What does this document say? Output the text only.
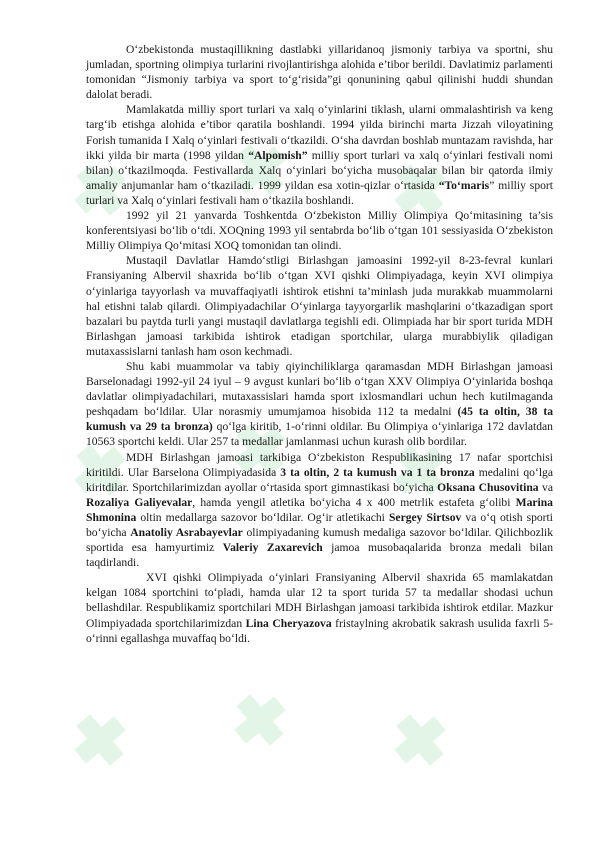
O‘zbekistonda mustaqillikning dastlabki yillaridanoq jismoniy tarbiya va sportni, shu jumladan, sportning olimpiya turlarini rivojlantirishga alohida e’tibor berildi. Davlatimiz parlamenti tomonidan “Jismoniy tarbiya va sport to‘g‘risida”gi qonunining qabul qilinishi huddi shundan dalolat beradi.

Mamlakatda milliy sport turlari va xalq o‘yinlarini tiklash, ularni ommalashtirish va keng targ‘ib etishga alohida e’tibor qaratila boshlandi. 1994 yilda birinchi marta Jizzah viloyatining Forish tumanida I Xalq o‘yinlari festivali o‘tkazildi. O‘sha davrdan boshlab muntazam ravishda, har ikki yilda bir marta (1998 yildan “Alpomish” milliy sport turlari va xalq o‘yinlari festivali nomi bilan) o‘tkazilmoqda. Festivallarda Xalq o‘yinlari bo‘yicha musobaqalar bilan bir qatorda ilmiy amaliy anjumanlar ham o‘tkaziladi. 1999 yildan esa xotin-qizlar o‘rtasida “To‘maris” milliy sport turlari va Xalq o‘yinlari festivali ham o‘tkazila boshlandi.

1992 yil 21 yanvarda Toshkentda O‘zbekiston Milliy Olimpiya Qo‘mitasining ta’sis konferentsiyasi bo‘lib o‘tdi. XOQning 1993 yil sentabrda bo‘lib o‘tgan 101 sessiyasida O‘zbekiston Milliy Olimpiya Qo‘mitasi XOQ tomonidan tan olindi.

Mustaqil Davlatlar Hamdo‘stligi Birlashgan jamoasini 1992-yil 8-23-fevral kunlari Fransiyaning Albervil shaxrida bo‘lib o‘tgan XVI qishki Olimpiyadaga, keyin XVI olimpiya o‘yinlariga tayyorlash va muvaffaqiyatli ishtirok etishni ta’minlash juda murakkab muammolarni hal etishni talab qilardi. Olimpiyadachilar O‘yinlarga tayyorgarlik mashqlarini o‘tkazadigan sport bazalari bu paytda turli yangi mustaqil davlatlarga tegishli edi. Olimpiada har bir sport turida MDH Birlashgan jamoasi tarkibida ishtirok etadigan sportchilar, ularga murabbiylik qiladigan mutaxassislarni tanlash ham oson kechmadi.

Shu kabi muammolar va tabiy qiyinchiliklarga qaramasdan MDH Birlashgan jamoasi Barselonadagi 1992-yil 24 iyul – 9 avgust kunlari bo‘lib o‘tgan XXV Olimpiya O‘yinlarida boshqa davlatlar olimpiyadachilari, mutaxassislari hamda sport ixlosmandlari uchun hech kutilmaganda peshqadam bo‘ldilar. Ular norasmiy umumjamoa hisobida 112 ta medalni (45 ta oltin, 38 ta kumush va 29 ta bronza) qo‘lga kiritib, 1-o‘rinni oldilar. Bu Olimpiya o‘yinlariga 172 davlatdan 10563 sportchi keldi. Ular 257 ta medallar jamlanmasi uchun kurash olib bordilar.

MDH Birlashgan jamoasi tarkibiga O‘zbekiston Respublikasining 17 nafar sportchisi kiritildi. Ular Barselona Olimpiyadasida 3 ta oltin, 2 ta kumush va 1 ta bronza medalini qo‘lga kiritdilar. Sportchilarimizdan ayollar o‘rtasida sport gimnastikasi bo‘yicha Oksana Chusovitina va Rozaliya Galiyevalar, hamda yengil atletika bo‘yicha 4 x 400 metrlik estafeta g‘olibi Marina Shmonina oltin medallarga sazovor bo‘ldilar. Og‘ir atletikachi Sergey Sirtsov va o‘q otish sporti bo‘yicha Anatoliy Asrabayevlar olimpiyadaning kumush medaliga sazovor bo‘ldilar. Qilichbozlik sportida esa hamyurtimiz Valeriy Zaxarevich jamoa musobaqalarida bronza medali bilan taqdirlandi.

XVI qishki Olimpiyada o‘yinlari Fransiyaning Albervil shaxrida 65 mamlakatdan kelgan 1084 sportchini to‘pladi, hamda ular 12 ta sport turida 57 ta medallar shodasi uchun bellashdilar. Respublikamiz sportchilari MDH Birlashgan jamoasi tarkibida ishtirok etdilar. Mazkur Olimpiyadada sportchilarimizdan Lina Cheryazova fristaylning akrobatik sakrash usulida faxrli 5-o‘rinni egallashga muvaffaq bo‘ldi.
